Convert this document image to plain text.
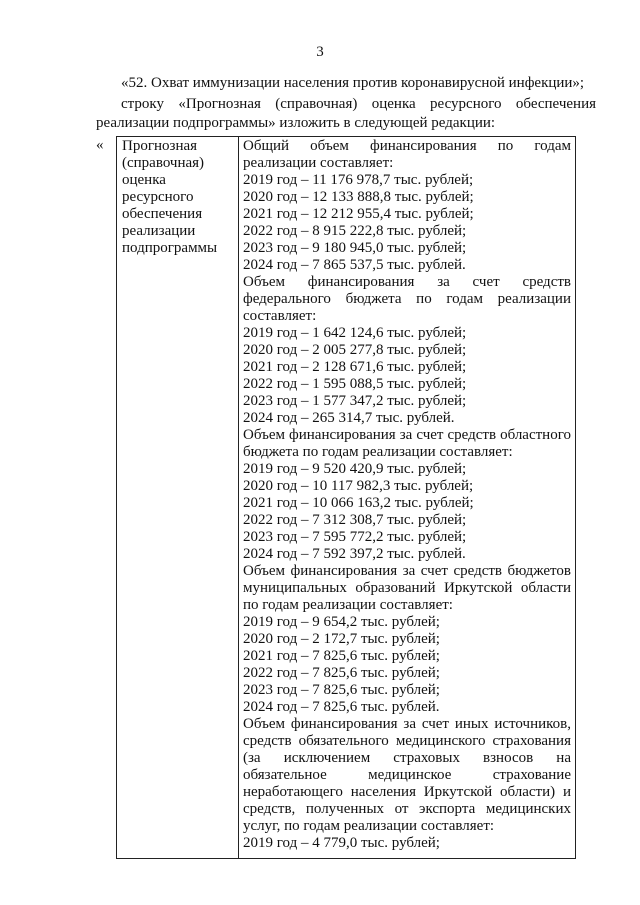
3

«52. Охват иммунизации населения против коронавирусной инфекции»;

строку «Прогнозная (справочная) оценка ресурсного обеспечения

реализации подпрограммы» изложить в следующей редакции:

« Прогнозная
(справочная)
оценка
ресурсного
обеспечения
реализации
подпрограммы
Общий объем финансирования по годам
реализации составляет:
2019 год – 11 176 978,7 тыс. рублей;
2020 год – 12 133 888,8 тыс. рублей;
2021 год – 12 212 955,4 тыс. рублей;
2022 год – 8 915 222,8 тыс. рублей;
2023 год – 9 180 945,0 тыс. рублей;
2024 год – 7 865 537,5 тыс. рублей.
Объем финансирования за счет средств
федерального бюджета по годам реализации
составляет:
2019 год – 1 642 124,6 тыс. рублей;
2020 год – 2 005 277,8 тыс. рублей;
2021 год – 2 128 671,6 тыс. рублей;
2022 год – 1 595 088,5 тыс. рублей;
2023 год – 1 577 347,2 тыс. рублей;
2024 год – 265 314,7 тыс. рублей.
Объем финансирования за счет средств областного
бюджета по годам реализации составляет:
2019 год – 9 520 420,9 тыс. рублей;
2020 год – 10 117 982,3 тыс. рублей;
2021 год – 10 066 163,2 тыс. рублей;
2022 год – 7 312 308,7 тыс. рублей;
2023 год – 7 595 772,2 тыс. рублей;
2024 год – 7 592 397,2 тыс. рублей.
Объем финансирования за счет средств бюджетов
муниципальных образований Иркутской области
по годам реализации составляет:
2019 год – 9 654,2 тыс. рублей;
2020 год – 2 172,7 тыс. рублей;
2021 год – 7 825,6 тыс. рублей;
2022 год – 7 825,6 тыс. рублей;
2023 год – 7 825,6 тыс. рублей;
2024 год – 7 825,6 тыс. рублей.
Объем финансирования за счет иных источников,
средств обязательного медицинского страхования
(за исключением страховых взносов на
обязательное медицинское страхование
неработающего населения Иркутской области) и
средств, полученных от экспорта медицинских
услуг, по годам реализации составляет:
2019 год – 4 779,0 тыс. рублей;
